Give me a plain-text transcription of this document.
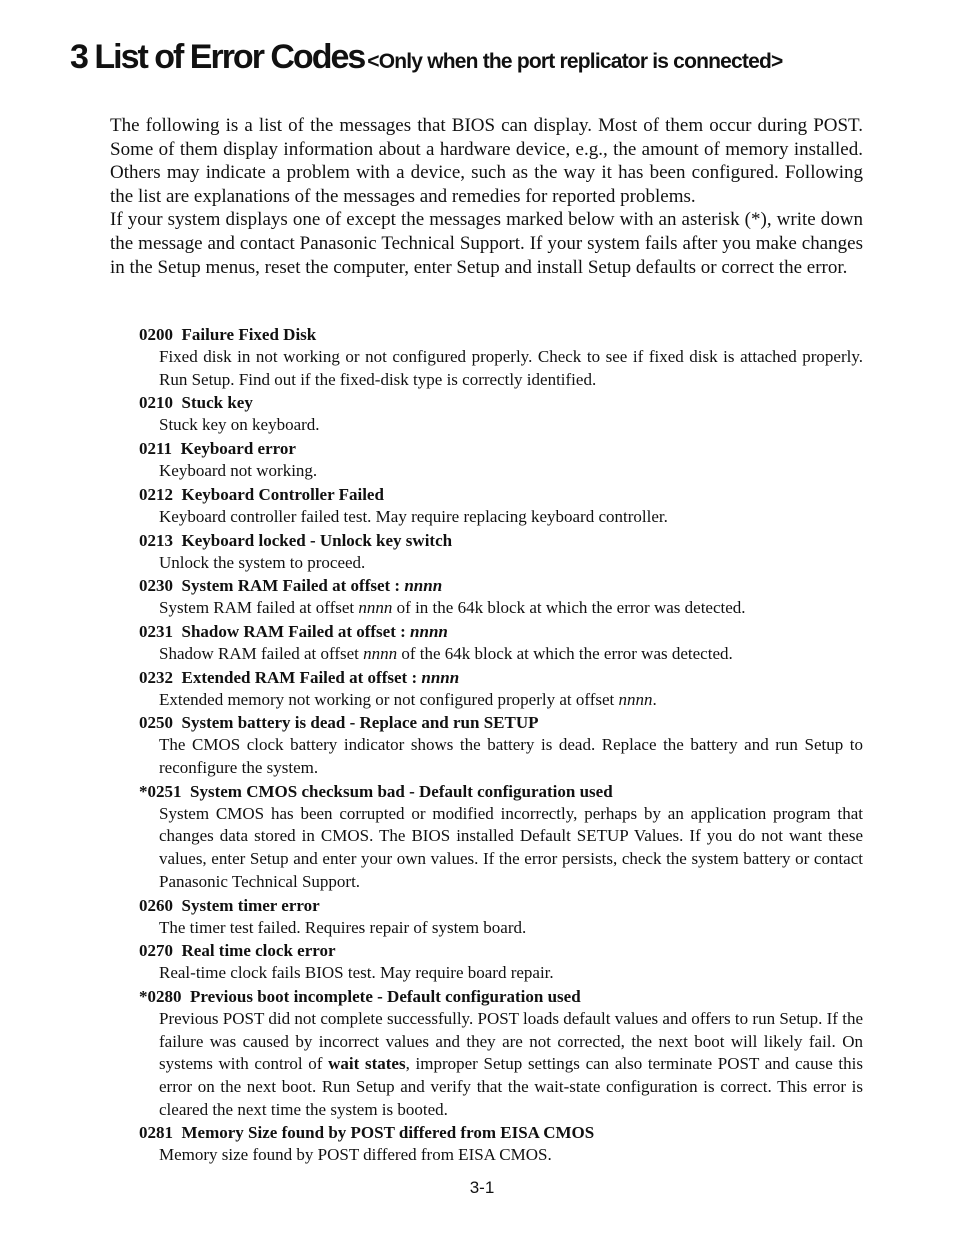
3 List of Error Codes <Only when the port replicator is connected>

The following is a list of the messages that BIOS can display. Most of them occur during POST. Some of them display information about a hardware device, e.g., the amount of memory installed. Others may indicate a problem with a device, such as the way it has been configured. Following the list are explanations of the messages and remedies for reported problems.

If your system displays one of except the messages marked below with an asterisk (*), write down the message and contact Panasonic Technical Support. If your system fails after you make changes in the Setup menus, reset the computer, enter Setup and install Setup defaults or correct the error.

0200 Failure Fixed Disk
Fixed disk in not working or not configured properly. Check to see if fixed disk is attached properly. Run Setup. Find out if the fixed-disk type is correctly identified.
0210 Stuck key
Stuck key on keyboard.
0211 Keyboard error
Keyboard not working.
0212 Keyboard Controller Failed
Keyboard controller failed test. May require replacing keyboard controller.
0213 Keyboard locked - Unlock key switch
Unlock the system to proceed.
0230 System RAM Failed at offset : nnnn
System RAM failed at offset nnnn of in the 64k block at which the error was detected.
0231 Shadow RAM Failed at offset : nnnn
Shadow RAM failed at offset nnnn of the 64k block at which the error was detected.
0232 Extended RAM Failed at offset : nnnn
Extended memory not working or not configured properly at offset nnnn.
0250 System battery is dead - Replace and run SETUP
The CMOS clock battery indicator shows the battery is dead. Replace the battery and run Setup to reconfigure the system.
*0251 System CMOS checksum bad - Default configuration used
System CMOS has been corrupted or modified incorrectly, perhaps by an application program that changes data stored in CMOS. The BIOS installed Default SETUP Values. If you do not want these values, enter Setup and enter your own values. If the error persists, check the system battery or contact Panasonic Technical Support.
0260 System timer error
The timer test failed. Requires repair of system board.
0270 Real time clock error
Real-time clock fails BIOS test. May require board repair.
*0280 Previous boot incomplete - Default configuration used
Previous POST did not complete successfully. POST loads default values and offers to run Setup. If the failure was caused by incorrect values and they are not corrected, the next boot will likely fail. On systems with control of wait states, improper Setup settings can also terminate POST and cause this error on the next boot. Run Setup and verify that the wait-state configuration is correct. This error is cleared the next time the system is booted.
0281 Memory Size found by POST differed from EISA CMOS
Memory size found by POST differed from EISA CMOS.
3-1
